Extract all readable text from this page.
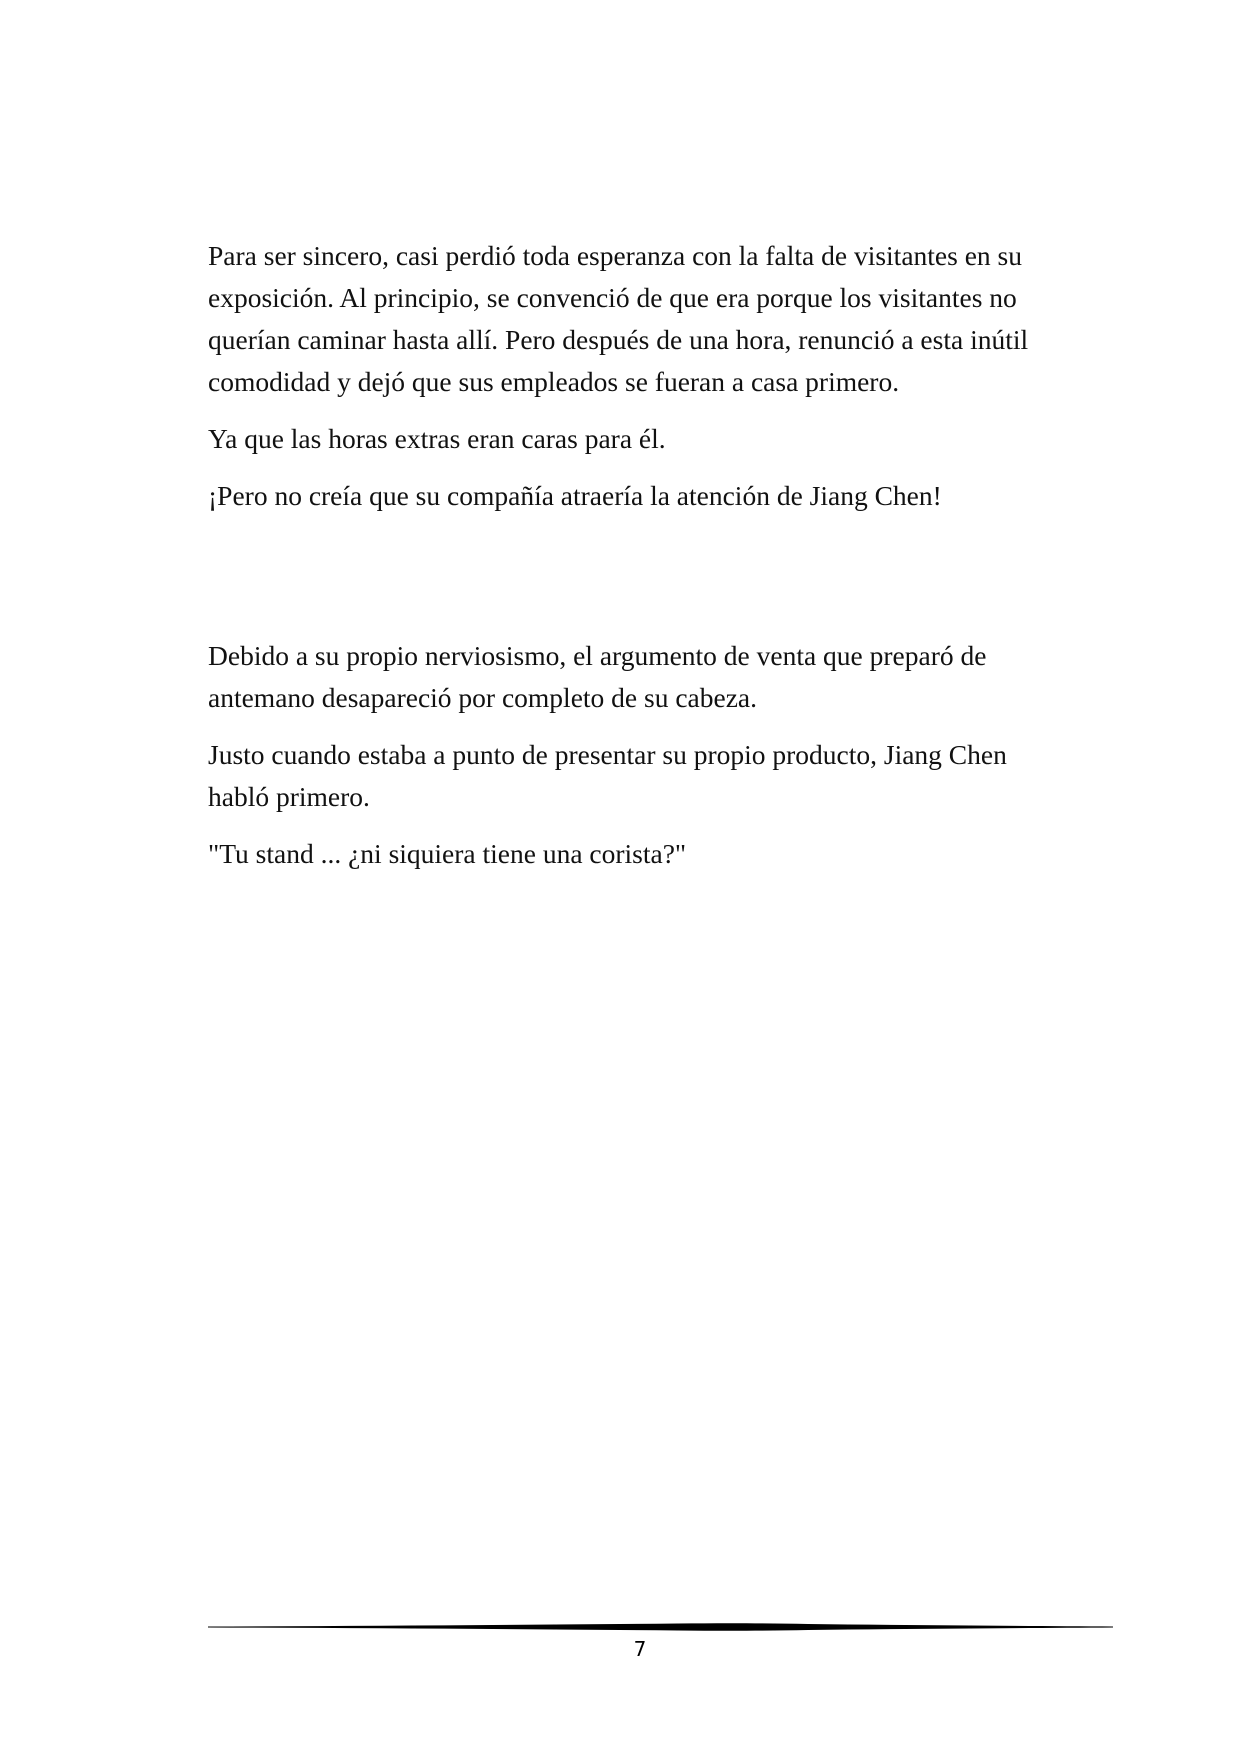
Para ser sincero, casi perdió toda esperanza con la falta de visitantes en su exposición. Al principio, se convenció de que era porque los visitantes no querían caminar hasta allí. Pero después de una hora, renunció a esta inútil comodidad y dejó que sus empleados se fueran a casa primero.

Ya que las horas extras eran caras para él.

¡Pero no creía que su compañía atraería la atención de Jiang Chen!

Debido a su propio nerviosismo, el argumento de venta que preparó de antemano desapareció por completo de su cabeza.

Justo cuando estaba a punto de presentar su propio producto, Jiang Chen habló primero.

"Tu stand ... ¿ni siquiera tiene una corista?"

7
